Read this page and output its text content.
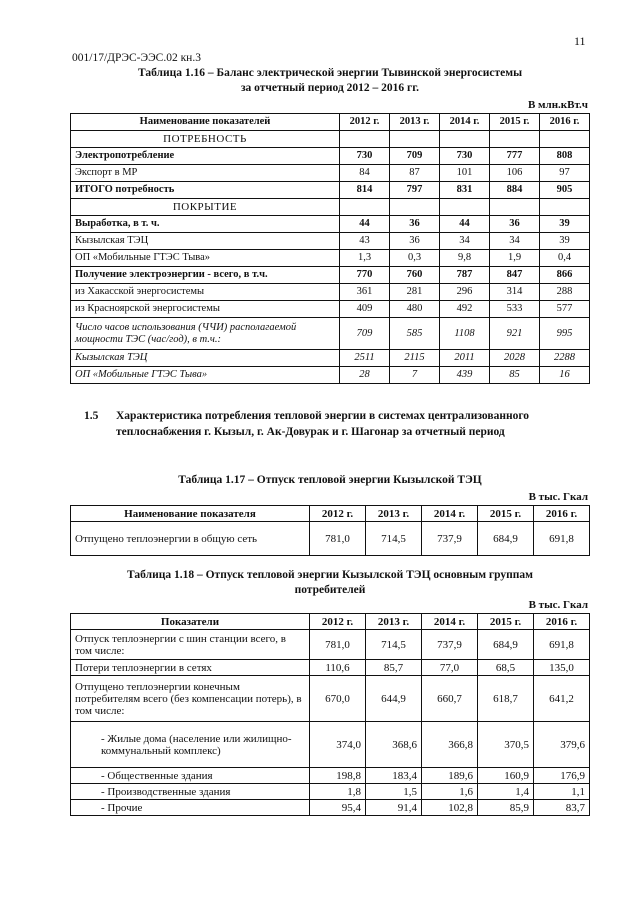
001/17/ДРЭС-ЭЭС.02 кн.3
11
Таблица 1.16 – Баланс электрической энергии Тывинской энергосистемы
за отчетный период 2012 – 2016 гг.
В млн.кВт.ч
Наименование показателей	2012 г.	2013 г.	2014 г.	2015 г.	2016 г.
ПОТРЕБНОСТЬ					
Электропотребление	730	709	730	777	808
Экспорт в МР	84	87	101	106	97
ИТОГО потребность	814	797	831	884	905
ПОКРЫТИЕ					
Выработка, в т. ч.	44	36	44	36	39
Кызылская ТЭЦ	43	36	34	34	39
ОП «Мобильные ГТЭС Тыва»	1,3	0,3	9,8	1,9	0,4
Получение электроэнергии - всего, в т.ч.	770	760	787	847	866
из Хакасской энергосистемы	361	281	296	314	288
из Красноярской энергосистемы	409	480	492	533	577
Число часов использования (ЧЧИ) располагаемой мощности ТЭС (час/год), в т.ч.:	709	585	1108	921	995
Кызылская ТЭЦ	2511	2115	2011	2028	2288
ОП «Мобильные ГТЭС Тыва»	28	7	439	85	16
1.5 Характеристика потребления тепловой энергии в системах централизованного теплоснабжения г. Кызыл, г. Ак-Довурак и г. Шагонар за отчетный период
Таблица 1.17 – Отпуск тепловой энергии Кызылской ТЭЦ
В тыс. Гкал
Наименование показателя	2012 г.	2013 г.	2014 г.	2015 г.	2016 г.
Отпущено теплоэнергии в общую сеть	781,0	714,5	737,9	684,9	691,8
Таблица 1.18 – Отпуск тепловой энергии Кызылской ТЭЦ основным группам
потребителей
В тыс. Гкал
Показатели	2012 г.	2013 г.	2014 г.	2015 г.	2016 г.
Отпуск теплоэнергии с шин станции всего, в том числе:	781,0	714,5	737,9	684,9	691,8
Потери теплоэнергии в сетях	110,6	85,7	77,0	68,5	135,0
Отпущено теплоэнергии конечным потребителям всего (без компенсации потерь), в том числе:	670,0	644,9	660,7	618,7	641,2
- Жилые дома (население или жилищно-коммунальный комплекс)	374,0	368,6	366,8	370,5	379,6
- Общественные здания	198,8	183,4	189,6	160,9	176,9
- Производственные здания	1,8	1,5	1,6	1,4	1,1
- Прочие	95,4	91,4	102,8	85,9	83,7
